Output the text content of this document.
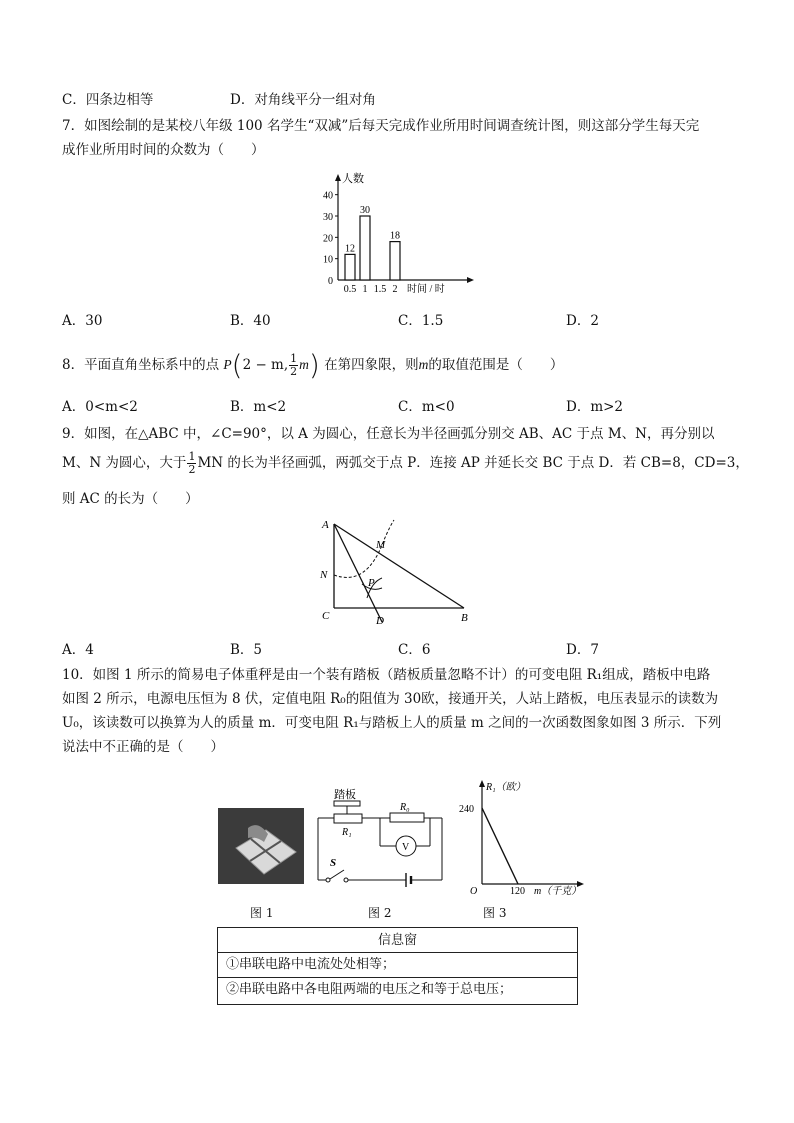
C．四条边相等	D．对角线平分一组对角
7．如图绘制的是某校八年级 100 名学生“双减”后每天完成作业所用时间调查统计图，则这部分学生每天完
成作业所用时间的众数为（　　）
人数
0
10
20
30
40
0.5 1 1.5 2 时间 / 时
12
30
18
A．30	B．40	C．1.5	D．2
8．平面直角坐标系中的点 P(2 − m, $\frac{1}{2} m$) 在第四象限，则m的取值范围是（　　）
A．0<m<2	B．m<2	C．m<0	D．m>2
9．如图，在△ABC 中，∠C=90°，以 A 为圆心，任意长为半径画弧分别交 AB、AC 于点 M、N，再分别以
M、N 为圆心，大于 $\frac{1}{2}$ MN 的长为半径画弧，两弧交于点 P．连接 AP 并延长交 BC 于点 D．若 CB=8，CD=3，
则 AC 的长为（　　）
A
M
N
P
C	D	B
A．4	B．5	C．6	D．7
10．如图 1 所示的简易电子体重秤是由一个装有踏板（踏板质量忽略不计）的可变电阻 R₁组成，踏板中电路
如图 2 所示，电源电压恒为 8 伏，定值电阻 R₀的阻值为 30欧，接通开关，人站上踏板，电压表显示的读数为
U₀，该读数可以换算为人的质量 m．可变电阻 R₁与踏板上人的质量 m 之间的一次函数图象如图 3 所示．下列
说法中不正确的是（　　）
图 1
踏板
R₁
R₀
V
S
图 2
R₁（欧）
240
O	120 m（千克）
图 3
信息窗
①串联电路中电流处处相等；
②串联电路中各电阻两端的电压之和等于总电压；
